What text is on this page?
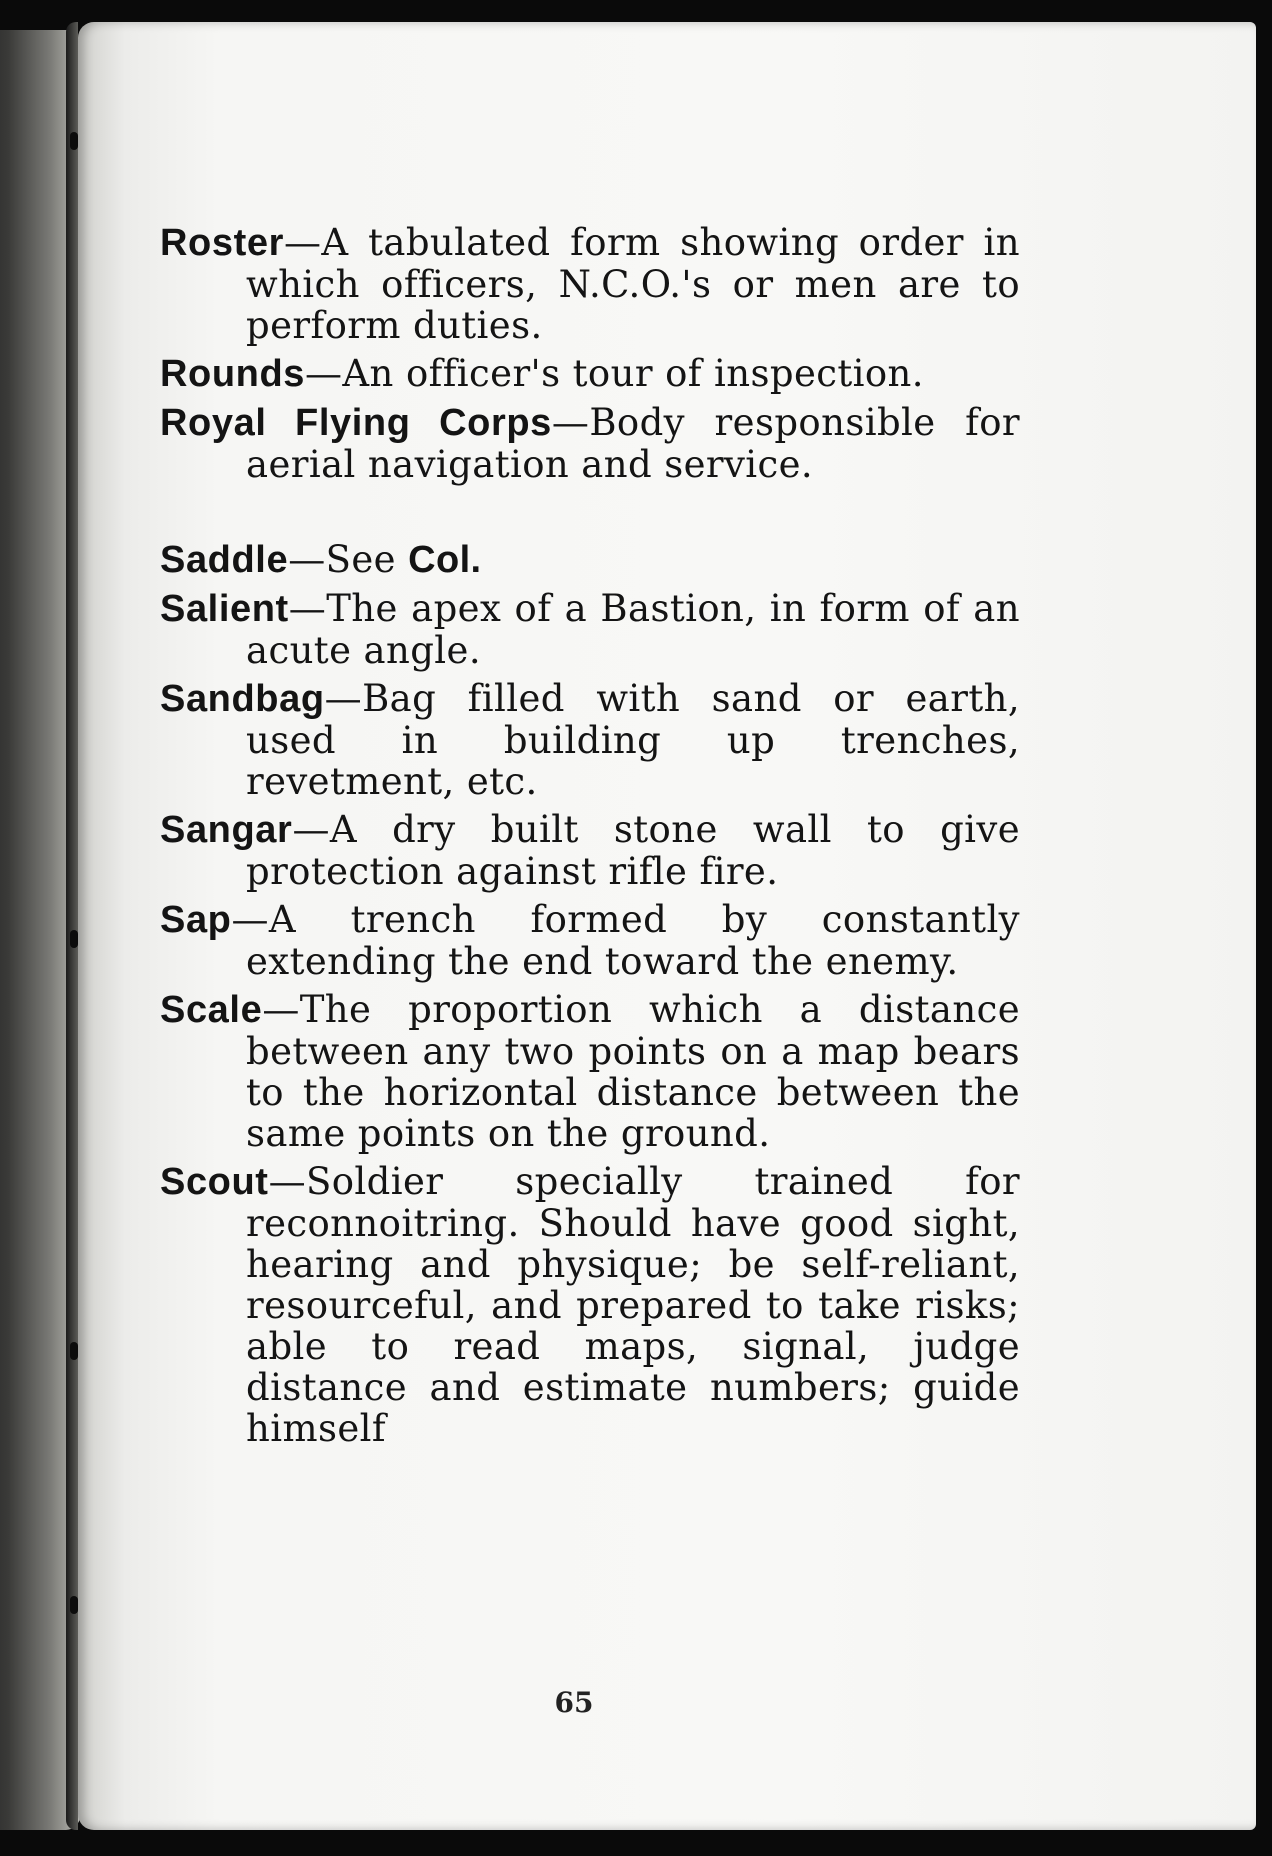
Roster—A tabulated form showing order in which officers, N.C.O.'s or men are to perform duties.

Rounds—An officer's tour of inspection.

Royal Flying Corps—Body responsible for aerial navigation and service.

Saddle—See Col.

Salient—The apex of a Bastion, in form of an acute angle.

Sandbag—Bag filled with sand or earth, used in building up trenches, revetment, etc.

Sangar—A dry built stone wall to give protection against rifle fire.

Sap—A trench formed by constantly extending the end toward the enemy.

Scale—The proportion which a distance between any two points on a map bears to the horizontal distance between the same points on the ground.

Scout—Soldier specially trained for reconnoitring. Should have good sight, hearing and physique; be self-reliant, resourceful, and prepared to take risks; able to read maps, signal, judge distance and estimate numbers; guide himself

65
